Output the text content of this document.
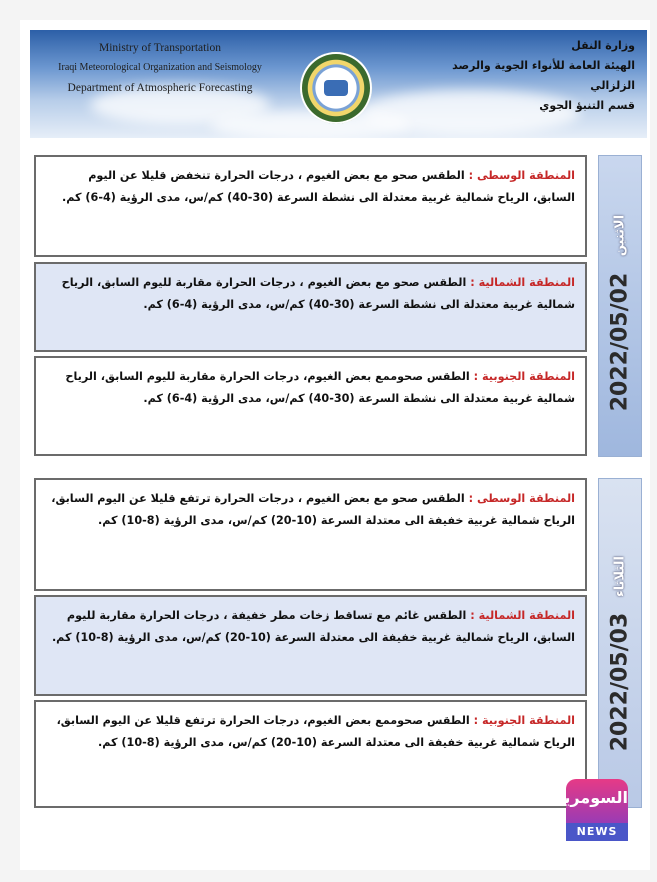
Ministry of Transportation
Iraqi Meteorological Organization and Seismology
Department of Atmospheric Forecasting
وزارة النقل
الهيئة العامة للأنواء الجوية والرصد الزلزالي
قسم التنبؤ الجوي
المنطقة الوسطى : الطقس صحو مع بعض الغيوم ، درجات الحرارة تنخفض قليلا عن اليوم السابق، الرياح شمالية غربية معتدلة الى نشطة السرعة (30-40) كم/س، مدى الرؤية (4-6) كم.
المنطقة الشمالية : الطقس صحو مع بعض الغيوم ، درجات الحرارة مقاربة لليوم السابق، الرياح شمالية غربية معتدلة الى نشطة السرعة (30-40) كم/س، مدى الرؤية (4-6) كم.
المنطقة الجنوبية : الطقس صحوممع بعض الغيوم، درجات الحرارة مقاربة لليوم السابق، الرياح شمالية غربية معتدلة الى نشطة السرعة (30-40) كم/س، مدى الرؤية (4-6) كم.
الاثنين
2022/05/02
المنطقة الوسطى : الطقس صحو مع بعض الغيوم ، درجات الحرارة ترتفع قليلا عن اليوم السابق، الرياح شمالية غربية خفيفة الى معتدلة السرعة (10-20) كم/س، مدى الرؤية (8-10) كم.
المنطقة الشمالية : الطقس غائم مع تساقط زخات مطر خفيفة ، درجات الحرارة مقاربة لليوم السابق، الرياح شمالية غربية خفيفة الى معتدلة السرعة (10-20) كم/س، مدى الرؤية (8-10) كم.
المنطقة الجنوبية : الطقس صحوممع بعض الغيوم، درجات الحرارة ترتفع قليلا عن اليوم السابق، الرياح شمالية غربية خفيفة الى معتدلة السرعة (10-20) كم/س، مدى الرؤية (8-10) كم.
الثلاثاء
2022/05/03
السومرية
NEWS
